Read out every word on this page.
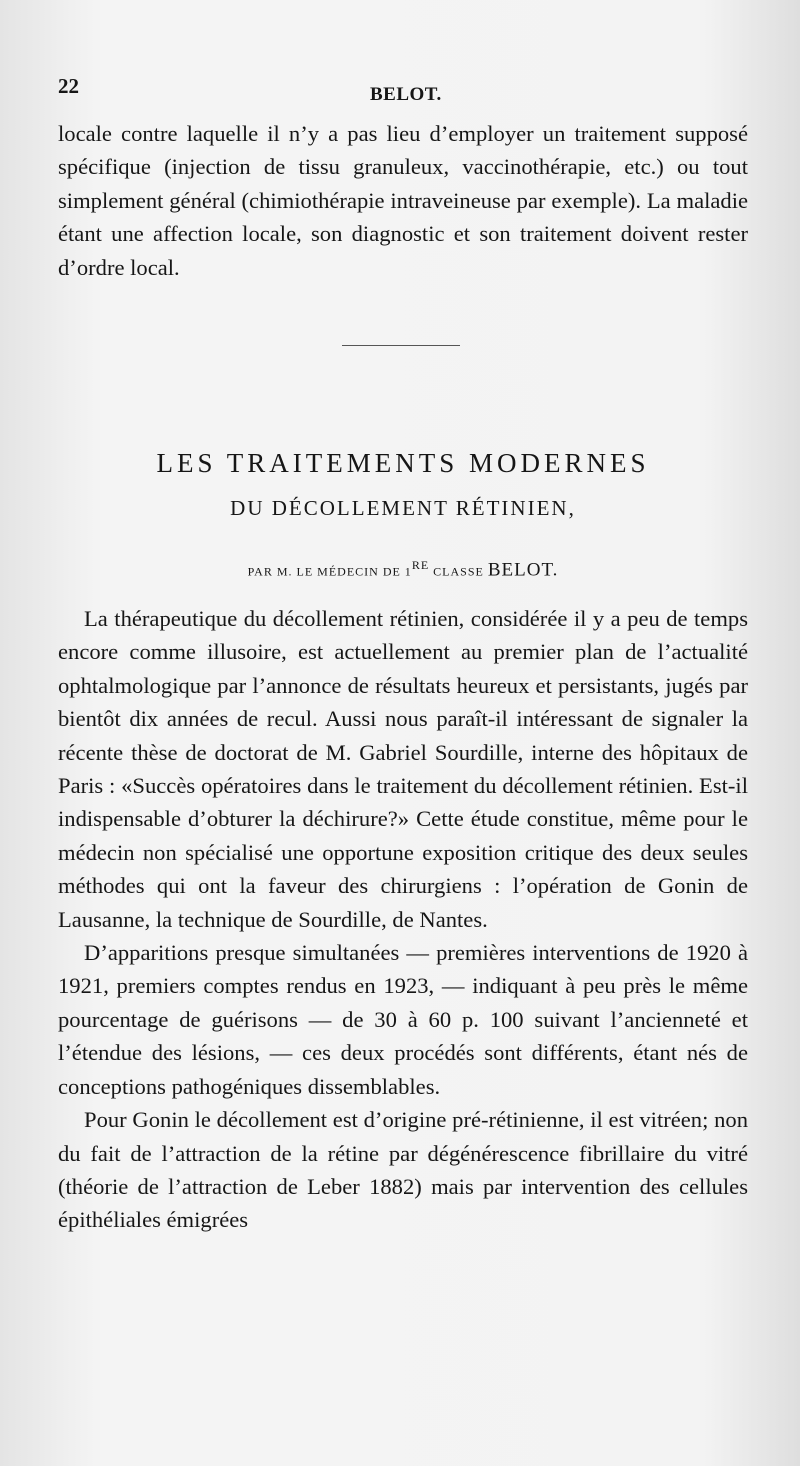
22	BELOT.

locale contre laquelle il n’y a pas lieu d’employer un traitement supposé spécifique (injection de tissu granuleux, vaccinothérapie, etc.) ou tout simplement général (chimiothérapie intraveineuse par exemple). La maladie étant une affection locale, son diagnostic et son traitement doivent rester d’ordre local.

LES TRAITEMENTS MODERNES
DU DÉCOLLEMENT RÉTINIEN,
PAR M. LE MÉDECIN DE 1RE CLASSE BELOT.

La thérapeutique du décollement rétinien, considérée il y a peu de temps encore comme illusoire, est actuellement au premier plan de l’actualité ophtalmologique par l’annonce de résultats heureux et persistants, jugés par bientôt dix années de recul. Aussi nous paraît-il intéressant de signaler la récente thèse de doctorat de M. Gabriel Sourdille, interne des hôpitaux de Paris : «Succès opératoires dans le traitement du décollement rétinien. Est-il indispensable d’obturer la déchirure?» Cette étude constitue, même pour le médecin non spécialisé une opportune exposition critique des deux seules méthodes qui ont la faveur des chirurgiens : l’opération de Gonin de Lausanne, la technique de Sourdille, de Nantes.

D’apparitions presque simultanées — premières interventions de 1920 à 1921, premiers comptes rendus en 1923, — indiquant à peu près le même pourcentage de guérisons — de 30 à 60 p. 100 suivant l’ancienneté et l’étendue des lésions, — ces deux procédés sont différents, étant nés de conceptions pathogéniques dissemblables.

Pour Gonin le décollement est d’origine pré-rétinienne, il est vitréen; non du fait de l’attraction de la rétine par dégénérescence fibrillaire du vitré (théorie de l’attraction de Leber 1882) mais par intervention des cellules épithéliales émigrées
